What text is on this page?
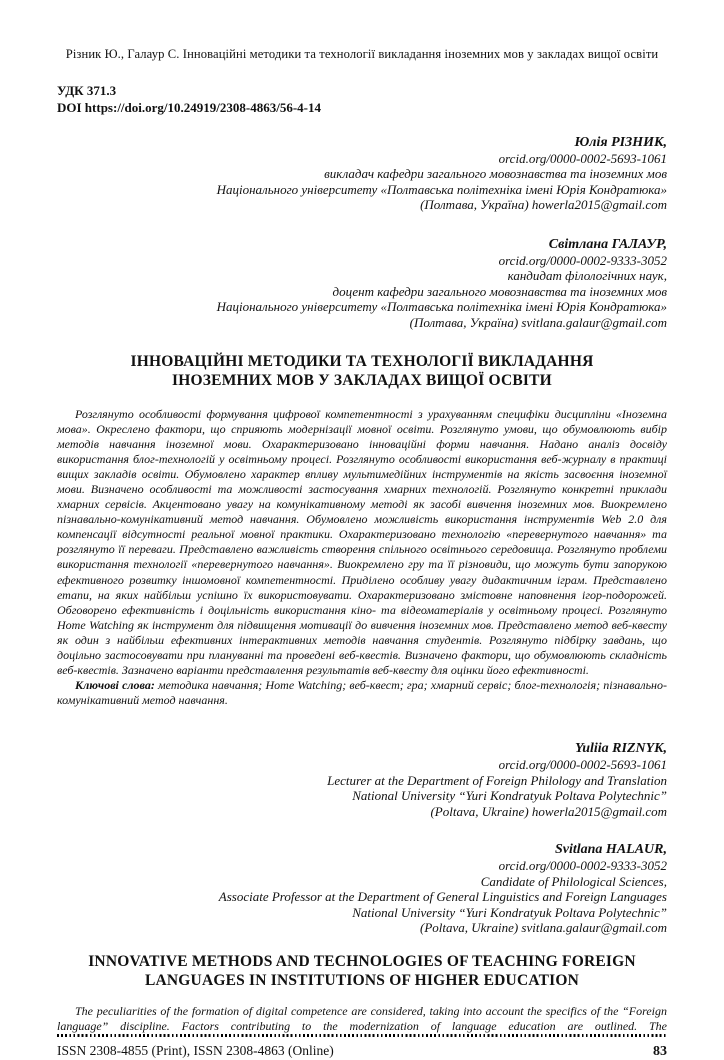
Різник Ю., Галаур С. Інноваційні методики та технології викладання іноземних мов у закладах вищої освіти
УДК 371.3
DOI https://doi.org/10.24919/2308-4863/56-4-14
Юлія РІЗНИК,
orcid.org/0000-0002-5693-1061
викладач кафедри загального мовознавства та іноземних мов
Національного університету «Полтавська політехніка імені Юрія Кондратюка»
(Полтава, Україна) howerla2015@gmail.com
Світлана ГАЛАУР,
orcid.org/0000-0002-9333-3052
кандидат філологічних наук,
доцент кафедри загального мовознавства та іноземних мов
Національного університету «Полтавська політехніка імені Юрія Кондратюка»
(Полтава, Україна) svitlana.galaur@gmail.com
ІННОВАЦІЙНІ МЕТОДИКИ ТА ТЕХНОЛОГІЇ ВИКЛАДАННЯ
ІНОЗЕМНИХ МОВ У ЗАКЛАДАХ ВИЩОЇ ОСВІТИ

Розглянуто особливості формування цифрової компетентності з урахуванням специфіки дисципліни «Іноземна мова». Окреслено фактори, що сприяють модернізації мовної освіти. Розглянуто умови, що обумовлюють вибір методів навчання іноземної мови. Охарактеризовано інноваційні форми навчання. Надано аналіз досвіду використання блог-технологій у освітньому процесі. Розглянуто особливості використання веб-журналу в практиці вищих закладів освіти. Обумовлено характер впливу мультимедійних інструментів на якість засвоєння іноземної мови. Визначено особливості та можливості застосування хмарних технологій. Розглянуто конкретні приклади хмарних сервісів. Акцентовано увагу на комунікативному методі як засобі вивчення іноземних мов. Виокремлено пізнавально-комунікативний метод навчання. Обумовлено можливість використання інструментів Web 2.0 для компенсації відсутності реальної мовної практики. Охарактеризовано технологію «перевернутого навчання» та розглянуто її переваги. Представлено важливість створення спільного освітнього середовища. Розглянуто проблеми використання технології «перевернутого навчання». Виокремлено гру та її різновиди, що можуть бути запорукою ефективного розвитку іншомовної компетентності. Приділено особливу увагу дидактичним іграм. Представлено етапи, на яких найбільш успішно їх використовувати. Охарактеризовано змістовне наповнення ігор-подорожей. Обговорено ефективність і доцільність використання кіно- та відеоматеріалів у освітньому процесі. Розглянуто Home Watching як інструмент для підвищення мотивації до вивчення іноземних мов. Представлено метод веб-квесту як один з найбільш ефективних інтерактивних методів навчання студентів. Розглянуто підбірку завдань, що доцільно застосовувати при плануванні та проведені веб-квестів. Визначено фактори, що обумовлюють складність веб-квестів. Зазначено варіанти представлення результатів веб-квесту для оцінки його ефективності.

Ключові слова: методика навчання; Home Watching; веб-квест; гра; хмарний сервіс; блог-технологія; пізнавально-комунікативний метод навчання.

Yuliia RIZNYK,
orcid.org/0000-0002-5693-1061
Lecturer at the Department of Foreign Philology and Translation
National University “Yuri Kondratyuk Poltava Polytechnic”
(Poltava, Ukraine) howerla2015@gmail.com
Svitlana HALAUR,
orcid.org/0000-0002-9333-3052
Candidate of Philological Sciences,
Associate Professor at the Department of General Linguistics and Foreign Languages
National University “Yuri Kondratyuk Poltava Polytechnic”
(Poltava, Ukraine) svitlana.galaur@gmail.com
INNOVATIVE METHODS AND TECHNOLOGIES OF TEACHING FOREIGN
LANGUAGES IN INSTITUTIONS OF HIGHER EDUCATION

The peculiarities of the formation of digital competence are considered, taking into account the specifics of the “Foreign language” discipline. Factors contributing to the modernization of language education are outlined. The

ISSN 2308-4855 (Print), ISSN 2308-4863 (Online)	83
